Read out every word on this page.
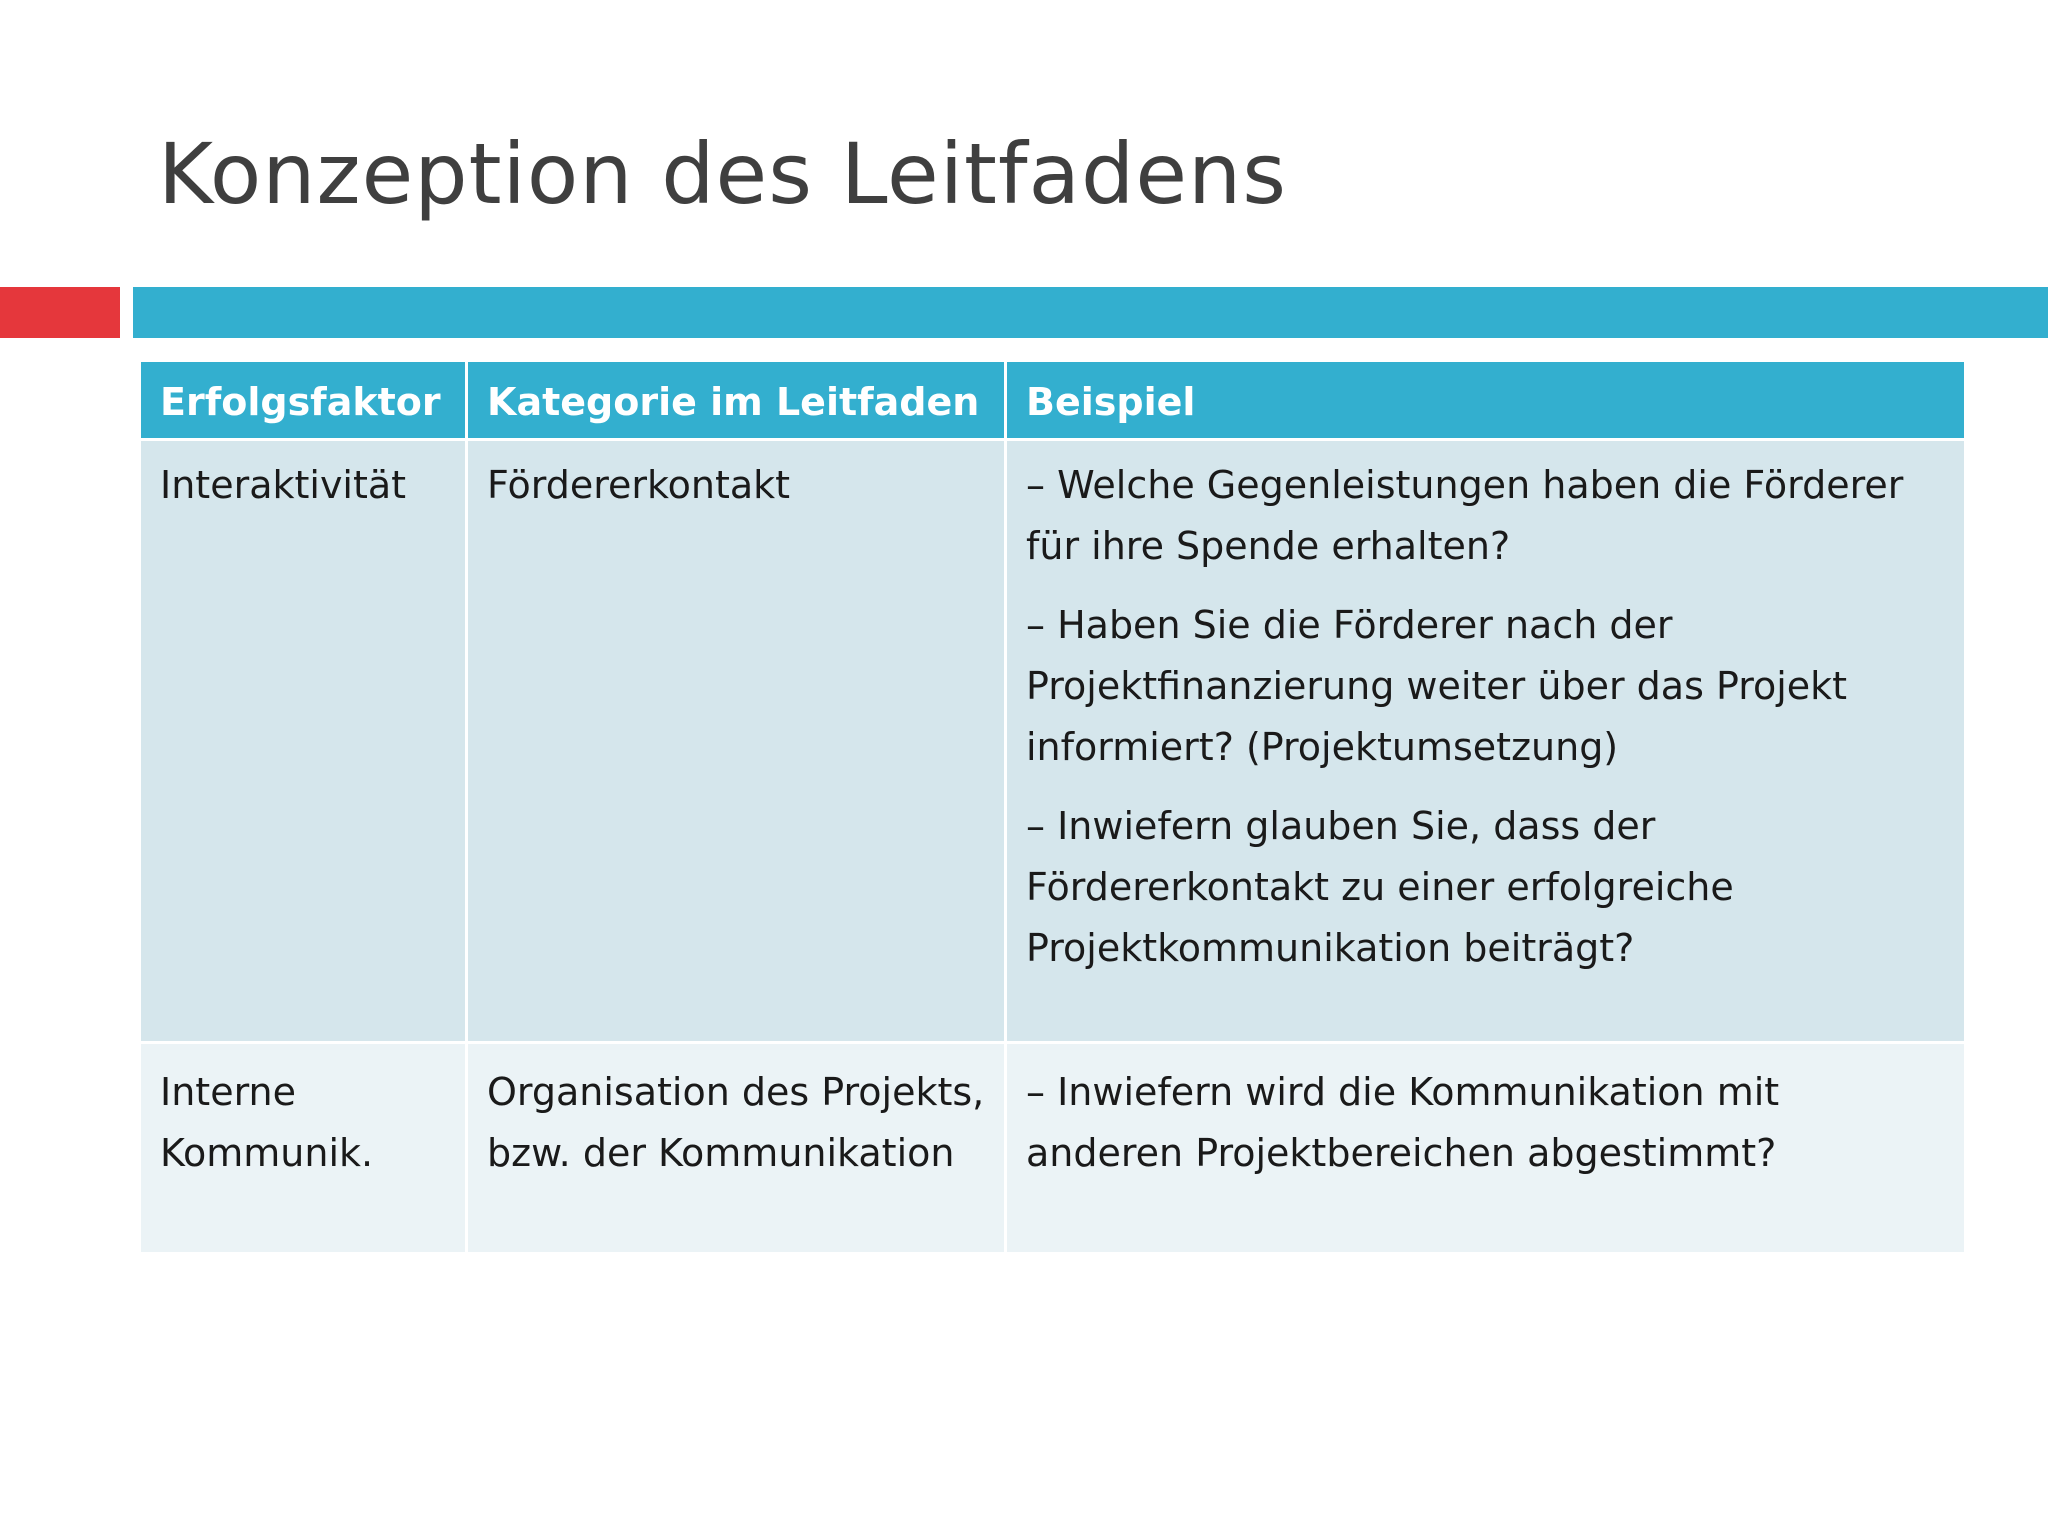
Konzeption des Leitfadens
Erfolgsfaktor	Kategorie im Leitfaden	Beispiel
Interaktivität	Fördererkontakt	– Welche Gegenleistungen haben die Förderer für ihre Spende erhalten?

– Haben Sie die Förderer nach der Projektfinanzierung weiter über das Projekt informiert? (Projektumsetzung)

– Inwiefern glauben Sie, dass der Fördererkontakt zu einer erfolgreiche Projektkommunikation beiträgt?

Interne Kommunik.	Organisation des Projekts, bzw. der Kommunikation	– Inwiefern wird die Kommunikation mit anderen Projektbereichen abgestimmt?
